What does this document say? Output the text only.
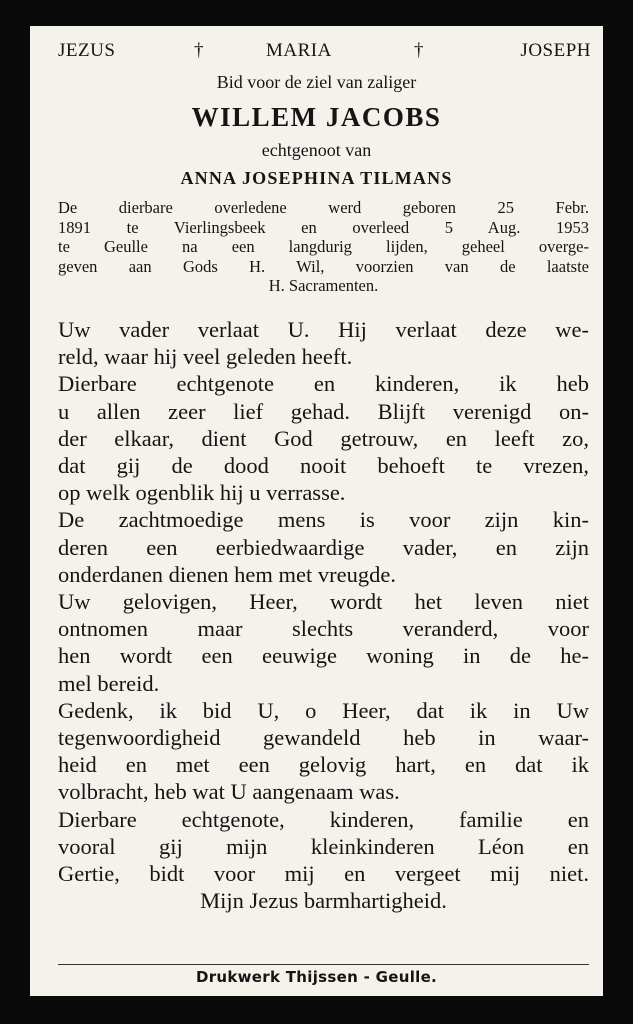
JEZUS	†	MARIA	†	JOSEPH
Bid voor de ziel van zaliger
WILLEM JACOBS
echtgenoot van
ANNA JOSEPHINA TILMANS
De dierbare overledene werd geboren 25 Febr.
1891 te Vierlingsbeek en overleed 5 Aug. 1953
te Geulle na een langdurig lijden, geheel overge-
geven aan Gods H. Wil, voorzien van de laatste
H. Sacramenten.
Uw vader verlaat U. Hij verlaat deze we-
reld, waar hij veel geleden heeft.
Dierbare echtgenote en kinderen, ik heb
u allen zeer lief gehad. Blijft verenigd on-
der elkaar, dient God getrouw, en leeft zo,
dat gij de dood nooit behoeft te vrezen,
op welk ogenblik hij u verrasse.
De zachtmoedige mens is voor zijn kin-
deren een eerbiedwaardige vader, en zijn
onderdanen dienen hem met vreugde.
Uw gelovigen, Heer, wordt het leven niet
ontnomen maar slechts veranderd, voor
hen wordt een eeuwige woning in de he-
mel bereid.
Gedenk, ik bid U, o Heer, dat ik in Uw
tegenwoordigheid gewandeld heb in waar-
heid en met een gelovig hart, en dat ik
volbracht, heb wat U aangenaam was.
Dierbare echtgenote, kinderen, familie en
vooral gij mijn kleinkinderen Léon en
Gertie, bidt voor mij en vergeet mij niet.
Mijn Jezus barmhartigheid.
Drukwerk Thijssen - Geulle.
